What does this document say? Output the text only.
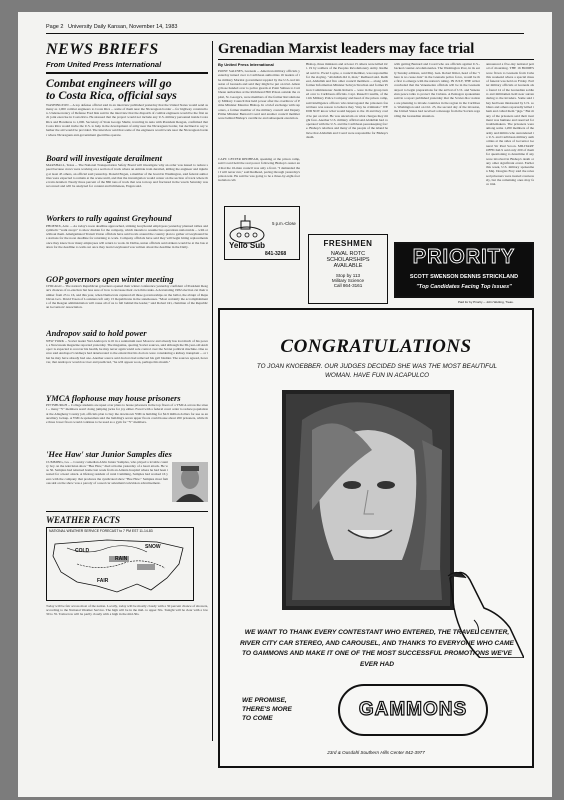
Page 2 University Daily Kansan, November 14, 1983
NEWS BRIEFS
From United Press International
Combat engineers will go
to Costa Rica, official says
WASHINGTON -- A top defense official said in an interview published yesterday that the United States would send as many as 1,000 combat engineers to Costa Rica -- some of them near the Nicaraguan border -- for highway construction. Undersecretary of Defense Fred Ikle said in the interview that the dispatch of combat engineers would be the first such joint exercise in Costa Rica. He stressed that the project would not include any U.S. military personnel inside Costa Rica and Honduras to 1,000. Secretary of State George Shultz, traveling in Asia with President Reagan, confirmed that Costa Rica would invite the U.S. to help in the development of army near the Nicaraguan border, but declined to say whether the aid would be provided. The interview said that some of the engineers would work near the Nicaraguan border where Nicaraguan anti-government guerrillas operate.
Board will investigate derailment
MARSHALL, Texas -- The National Transportation Safety Board will investigate why an order was issued to reduce speed because crews were working on a section of track where an Amtrak train derailed, killing the engineer and injuring at least 45 others, an official said yesterday. Donald Engen, a member of the board in Washington, said federal authorities were expected to remain at the scene until, and that the investigation would center on the section of track where the train derailed. Nearly three percent of the 866 tons of track that was torn up and fractured in the wreck Saturday was recovered and will be analyzed for content and brittleness, Engen said.
Workers to rally against Greyhound
PHOENIX, Ariz. -- As today's noon deadline approached, striking Greyhound employees yesterday planned rallies and symbolic "walk aways" to show disdain for the company, which intends to resume bus operations nationwide -- with or without them. Amalgamated Transit Union officials have said locals around the country plan to gather at Greyhound bus stations for the noon deadline for returning to work. Company officials have said they will begin hiring replacements once they know how many employees will return to work. In Dallas, union officials said strikers would be at the bus station for the deadline to walk out once they learn Greyhound was written about the deadline in the Daily.
GOP governors open winter meeting
CHICAGO -- The nation's Republican governors opened their winter conference yesterday confident of President Reagan's chances of re-election but less sure of how to increase their own thin ranks. A devastating 1982 election cut their number from 23 to 16, and this year, when Democrats captured all three governorships on the ballot, the abrupt of Republican Gov. David Treen of Louisiana left only 15 Republicans in the statehouses. "Most certainly the accomplishments of the Reagan administration will cause all of us to fall behind the leader," said Robert Orr, chairman of the Republican Governors' Association.
Andropov said to hold power
NEW YORK -- Soviet leader Yuri Andropov is ill in a sanitarium near Moscow and already has lost much of his power, a Newsweek magazine reported yesterday. The magazine, quoting Soviet sources, said although the 69-year-old Andropov is expected to recover his health, he may never again wield sole control over the Soviet political machine. One source said Andropov's kidneys had deteriorated to the extent that his doctors were considering a kidney transplant -- or that he may have already had one. Another source said doctors had removed his gall bladder. The sources agreed, however, that Andropov would recover and predicted, "he will appear soon, perhaps this month."
YMCA flophouse may house prisoners
PITTSBURGH -- College students are upset over plans to house prisoners in the top floors of a YMCA across the street -- many "Y" members aren't doing jumping jacks for joy either. Faced with a federal court order to reduce population at the Allegheny County jail, officials plan to buy the downtown YMCA building for $2.9 million dollars for use as an auxiliary lockup. A YMCA spokesman said the building's seven upper floors could house about 200 prisoners, while the three lower floors would continue to be used as a gym for "Y" members.
'Hee Haw' star Junior Samples dies
CUMMING, Ga. -- Country comedian Alvin Junior Samples, who played a lovable country boy on the television show "Hee Haw," died at home yesterday of a heart attack. He was 56. Samples had returned home last week from an Atlanta hospital where he had been treated for a heart attack. A lifelong resident of rural Cumming, Samples had worked 16 years with the company that produces the syndicated show "Hee Haw." Samples most famous skit on the show was a parody of a used car salesman's television advertisement.
WEATHER FACTS
NATIONAL WEATHER SERVICE FORECAST to 7 PM EST 11-14-83
COLD
RAIN
SNOW
FAIR
Today will be fair across most of the nation. Locally, today will be mostly cloudy with a 30 percent chance of showers, according to the National Weather Service. The high will be in the mid- to upper 50s. Tonight will be clear with a low 30 to 35. Tomorrow will be partly cloudy with a high in the mid-50s.
Grenadian Marxist leaders may face trial
By United Press International
POINT SALINES, Grenada -- American military officials yesterday turned over to Caribbean authorities 16 leaders of the military Marxist government toppled by the U.S.-led invasion of Grenada and said they might be put on trial. Among those handed over to police guards at Point Salines to Caribbean authorities at the Richmond Hill Prison outside the capital, St. George's, were members of the former Revolutionary Military Council that held power after the overthrow of Prime Minister Maurice Bishop. In a brief exchange with reporters, a former member of the military council and Deputy Prime Minister Bernard Coard and another council member were behind Bishop's overthrow and subsequent execution.
CAPT. LESTER REDHEAD, speaking at the prison camp, said Coard held the real power following Bishop's ouster and that the 16-man council was only a front. "I demanded that I will never run," said Redhead, pacing through yesterday's prison tent. He said he was going to be a three-by-eight-foot isolation cell.
Bishop, three ministers and at least 15 others were killed Oct. 19 by soldiers of the Peoples Revolutionary Army. Redhead said Lt. Ewart Layne, a council member, was responsible for the slaying. "Abdullah did it, man," Redhead said. Redhead, Abdullah and five other council members -- along with former Information Minister Selwyn Strachan and former Prison Commissioner Justin Roberts -- were in the group turned over to Caribbean officials. Capt. Russell Cassilla, of the 11th Military Police Company and head of the prison camp, said intelligence officers who interrogated the prisoners found there was reason to believe they "may be criminals." WE DID NOT know what would happen to the 16 and they could be put on trial. He was uncertain on what charges they might face. Another U.S. military official said Abdullah had cooperated with the U.S. and the Caribbean peacekeeping force. Bishop's relatives and many of the people of the island believe that Abdullah and Coard were responsible for Bishop's death.
with getting Bernard and Coard who are officials against U.S.-backed counter-revolutionaries. The Washington Post, in its early Sunday editions, said Maj. Gen. Robert Ritter, head of the "there is no cease date" in the Grenada police force, would be the first to emerge with the nation's ruling. IN JULY, THE writer concluded that the Venezuelan officials will be in the Grenada airport to begin preparations for the arrival of U.S. and Venezuelan peace talks to protect the Cubans. A Pentagon spokesman said in a report published yesterday that the Soviet-bloc nations are planning to invade countries in the region in the Caribbean. Washington said on Oct. 25, the second day of the invasion, the United States had received a message from the Soviets regarding the Grenadian situation.
announced a five-day national period of mourning. THE 16 BODIES were flown to Grenada from Cuba this weekend where a special mass of funeral was held on Friday. Earlier military officials at Grenada also found 14 of the Grenadian soldiers and militiamen held near surrendering to the invaders. Some said they had been mistreated by U.S. soldiers and others reportedly killed them and called them "pigs." But many of the prisoners said their treatment was humane and reserved for troublemakers. The prisoners were among some 1,200 members of the army and militia who surrendered to U.S. and Caribbean military authorities at the sides of Governor General Sir Paul Scoon. MILITARY OFFICIALS said only 200 of them for questioning to determine if any were involved in Bishop's death or any other significant event. Earlier this week, U.S. military spokesman Maj. Douglas Frey said the released prisoners were treated courteously, but the remaining ones may face trial.
Yello Sub
5 p.m.-Close
841-3268
FRESHMEN
NAVAL ROTC
SCHOLARSHIPS
AVAILABLE
Stop by 113
Military Science
Call 864-3161
PRIORITY
SCOTT SWENSON DENNIS STRICKLAND
"Top Candidates Facing Top Issues"
Paid for by Priority -- John Wetting, Treas.
CONGRATULATIONS
TO JOAN KNOEBBER. OUR JUDGES DECIDED SHE WAS THE MOST BEAUTIFUL WOMAN. HAVE FUN IN ACAPULCO
WE WANT TO THANK EVERY CONTESTANT WHO ENTERED, THE TRAVEL CENTER, RIVER CITY CAR STEREO, AND CAROUSEL, AND THANKS TO EVERYONE WHO CAME TO GAMMONS AND MAKE IT ONE OF THE MOST SUCCESSFUL PROMOTIONS WE'VE EVER HAD
WE PROMISE,
THERE'S MORE
TO COME	GAMMONS
23rd & Ousdahl Southern Hills Center 842-3977
